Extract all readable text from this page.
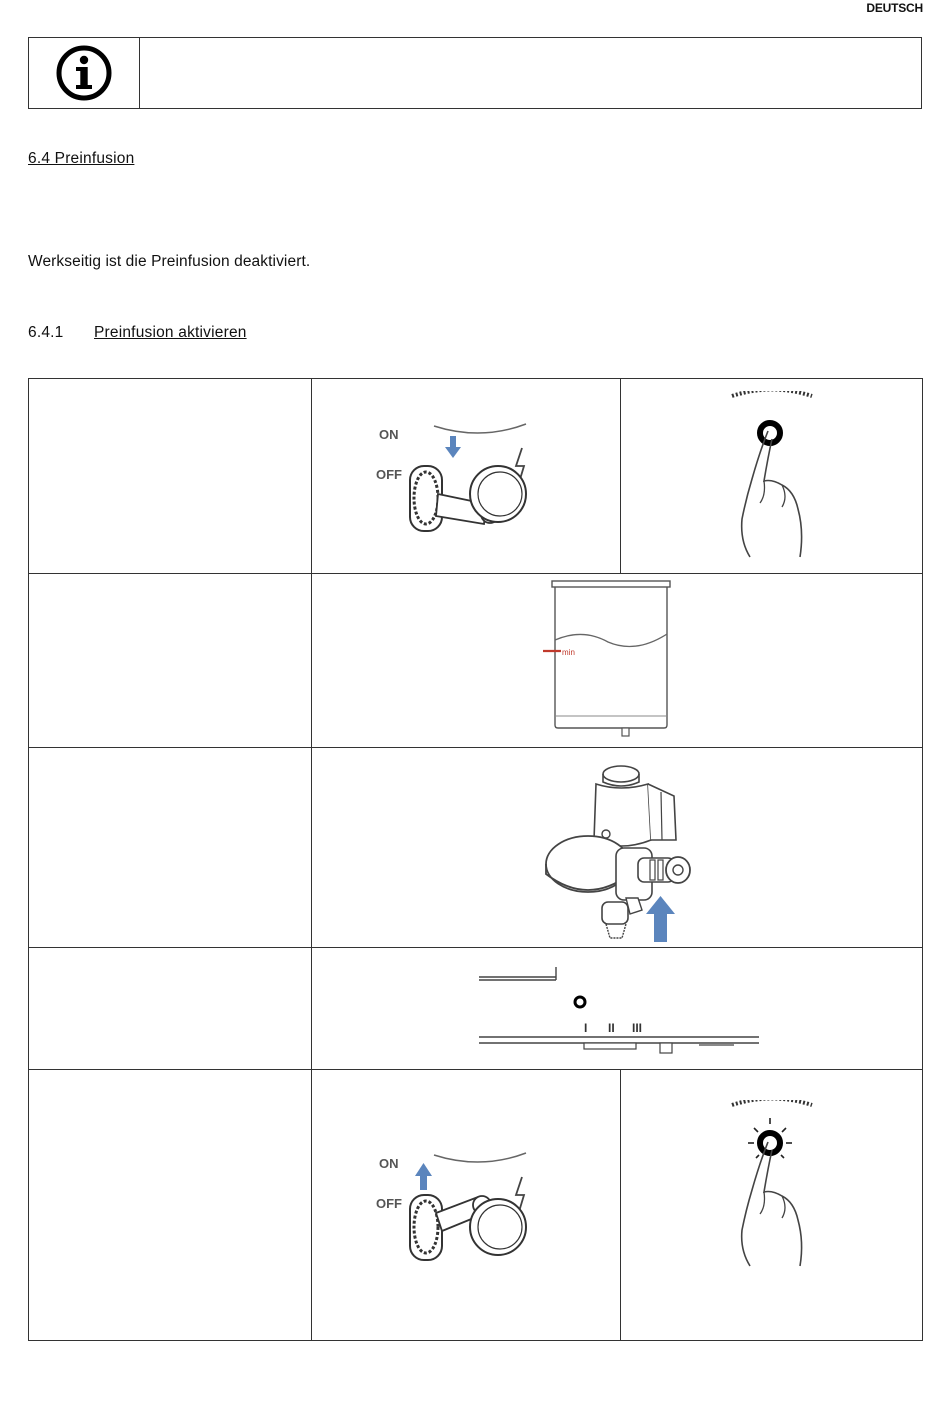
DEUTSCH
6.4 Preinfusion
Werkseitig ist die Preinfusion deaktiviert.
6.4.1 Preinfusion aktivieren

ON
OFF

min	

I II III	

ON
OFF
